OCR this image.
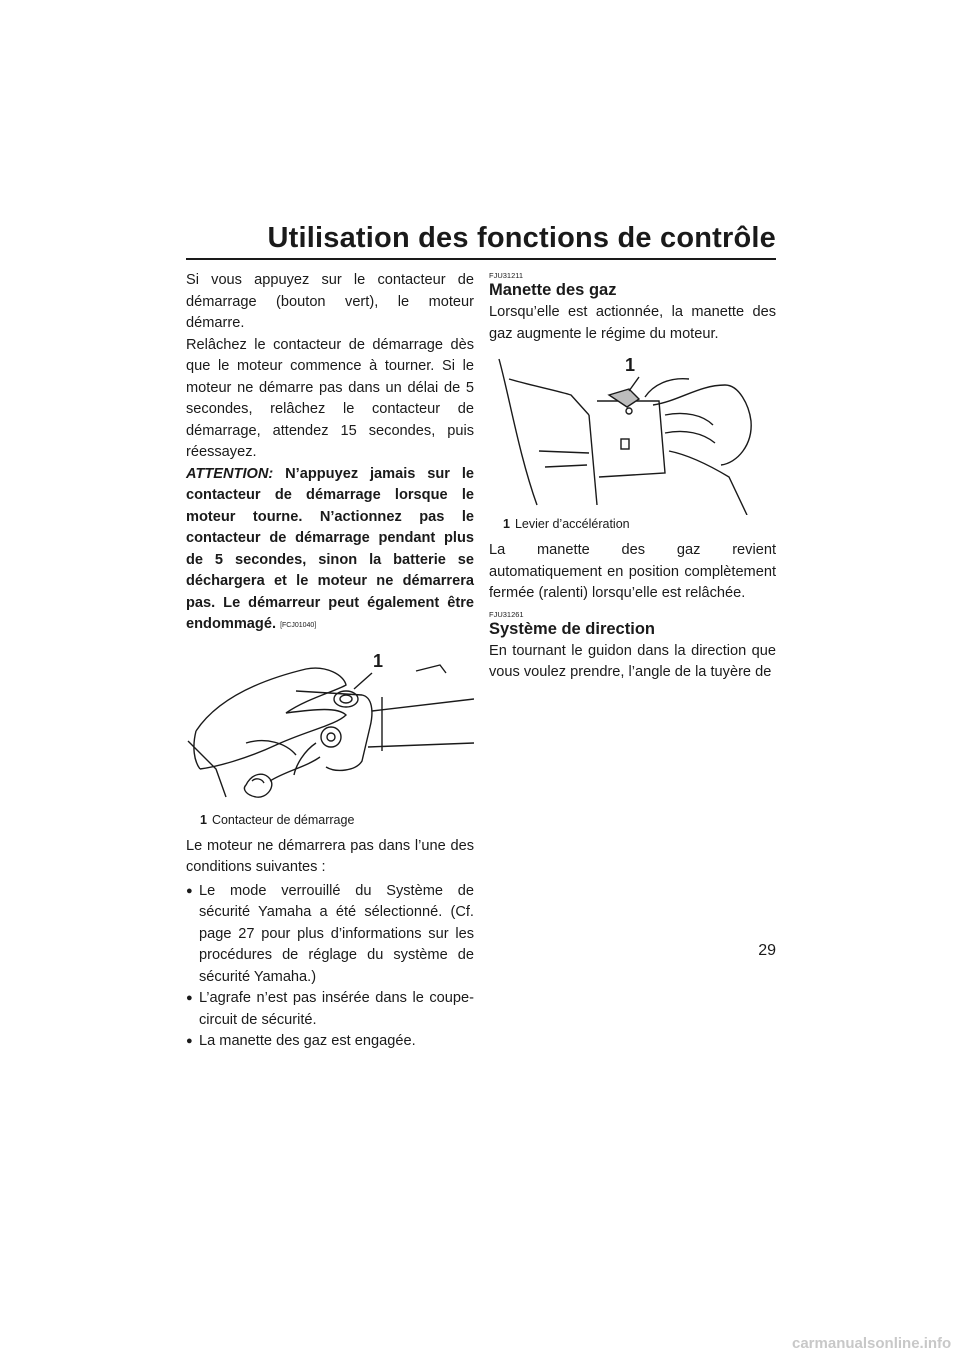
Utilisation des fonctions de contrôle

Si vous appuyez sur le contacteur de démarrage (bouton vert), le moteur démarre.

Relâchez le contacteur de démarrage dès que le moteur commence à tourner. Si le moteur ne démarre pas dans un délai de 5 secondes, relâchez le contacteur de démarrage, attendez 15 secondes, puis réessayez.

ATTENTION: N’appuyez jamais sur le contacteur de démarrage lorsque le moteur tourne. N’actionnez pas le contacteur de démarrage pendant plus de 5 secondes, sinon la batterie se déchargera et le moteur ne démarrera pas. Le démarreur peut également être endommagé. [FCJ01040]

1

1 Contacteur de démarrage

Le moteur ne démarrera pas dans l’une des conditions suivantes :

● Le mode verrouillé du Système de sécurité Yamaha a été sélectionné. (Cf. page 27 pour plus d’informations sur les procédures de réglage du système de sécurité Yamaha.)
● L’agrafe n’est pas insérée dans le coupe-circuit de sécurité.
● La manette des gaz est engagée.

FJU31211

Manette des gaz

Lorsqu’elle est actionnée, la manette des gaz augmente le régime du moteur.

1

1 Levier d’accélération

La manette des gaz revient automatiquement en position complètement fermée (ralenti) lorsqu’elle est relâchée.

FJU31261

Système de direction

En tournant le guidon dans la direction que vous voulez prendre, l’angle de la tuyère de

29
carmanualsonline.info
